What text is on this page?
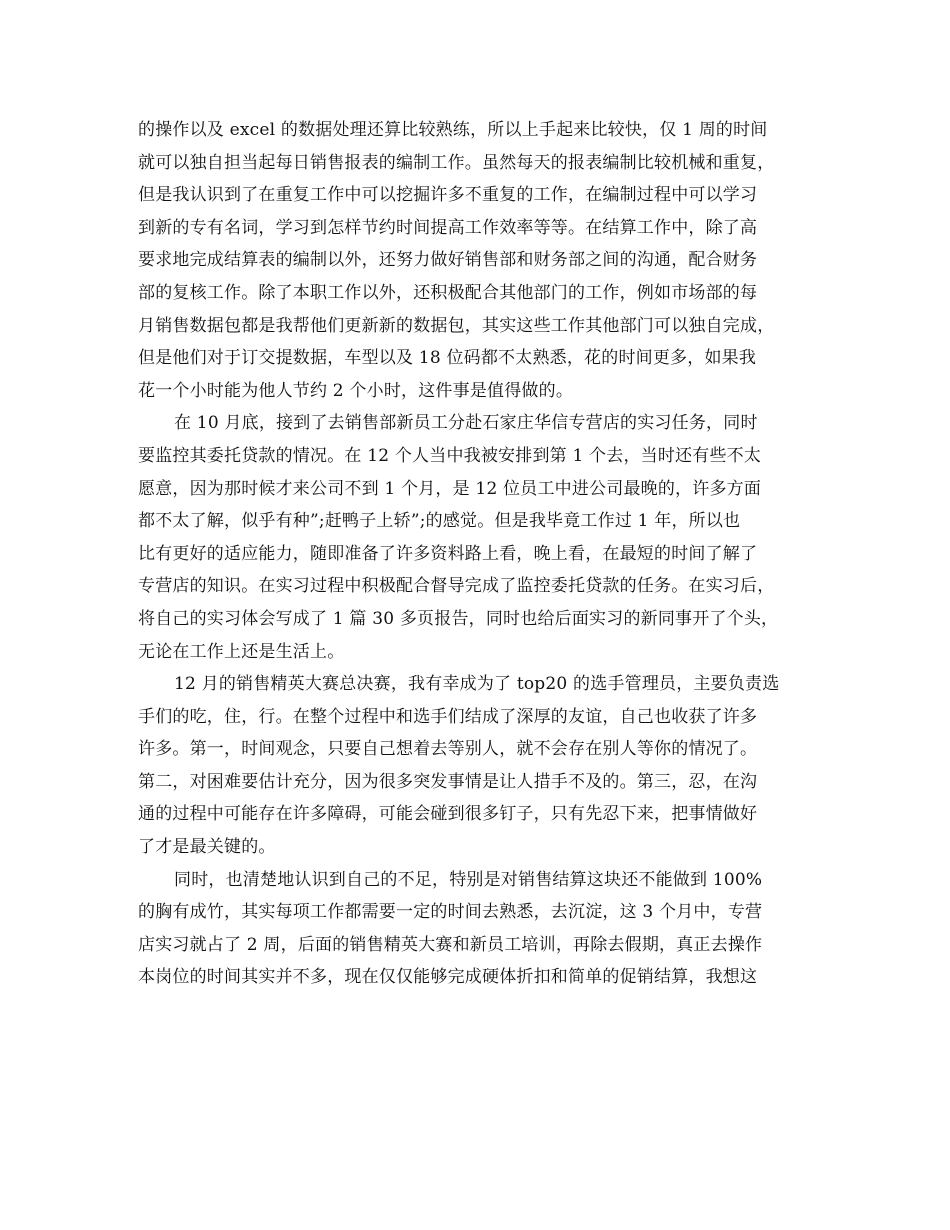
的操作以及 excel 的数据处理还算比较熟练，所以上手起来比较快，仅 1 周的时间
就可以独自担当起每日销售报表的编制工作。虽然每天的报表编制比较机械和重复，
但是我认识到了在重复工作中可以挖掘许多不重复的工作，在编制过程中可以学习
到新的专有名词，学习到怎样节约时间提高工作效率等等。在结算工作中，除了高
要求地完成结算表的编制以外，还努力做好销售部和财务部之间的沟通，配合财务
部的复核工作。除了本职工作以外，还积极配合其他部门的工作，例如市场部的每
月销售数据包都是我帮他们更新新的数据包，其实这些工作其他部门可以独自完成，
但是他们对于订交提数据，车型以及 18 位码都不太熟悉，花的时间更多，如果我
花一个小时能为他人节约 2 个小时，这件事是值得做的。
在 10 月底，接到了去销售部新员工分赴石家庄华信专营店的实习任务，同时
要监控其委托贷款的情况。在 12 个人当中我被安排到第 1 个去，当时还有些不太
愿意，因为那时候才来公司不到 1 个月，是 12 位员工中进公司最晚的，许多方面
都不太了解，似乎有种”;赶鸭子上轿”;的感觉。但是我毕竟工作过 1 年，所以也
比有更好的适应能力，随即准备了许多资料路上看，晚上看，在最短的时间了解了
专营店的知识。在实习过程中积极配合督导完成了监控委托贷款的任务。在实习后，
将自己的实习体会写成了 1 篇 30 多页报告，同时也给后面实习的新同事开了个头，
无论在工作上还是生活上。
12 月的销售精英大赛总决赛，我有幸成为了 top20 的选手管理员，主要负责选
手们的吃，住，行。在整个过程中和选手们结成了深厚的友谊，自己也收获了许多
许多。第一，时间观念，只要自己想着去等别人，就不会存在别人等你的情况了。
第二，对困难要估计充分，因为很多突发事情是让人措手不及的。第三，忍，在沟
通的过程中可能存在许多障碍，可能会碰到很多钉子，只有先忍下来，把事情做好
了才是最关键的。
同时，也清楚地认识到自己的不足，特别是对销售结算这块还不能做到 100%
的胸有成竹，其实每项工作都需要一定的时间去熟悉，去沉淀，这 3 个月中，专营
店实习就占了 2 周，后面的销售精英大赛和新员工培训，再除去假期，真正去操作
本岗位的时间其实并不多，现在仅仅能够完成硬体折扣和简单的促销结算，我想这
